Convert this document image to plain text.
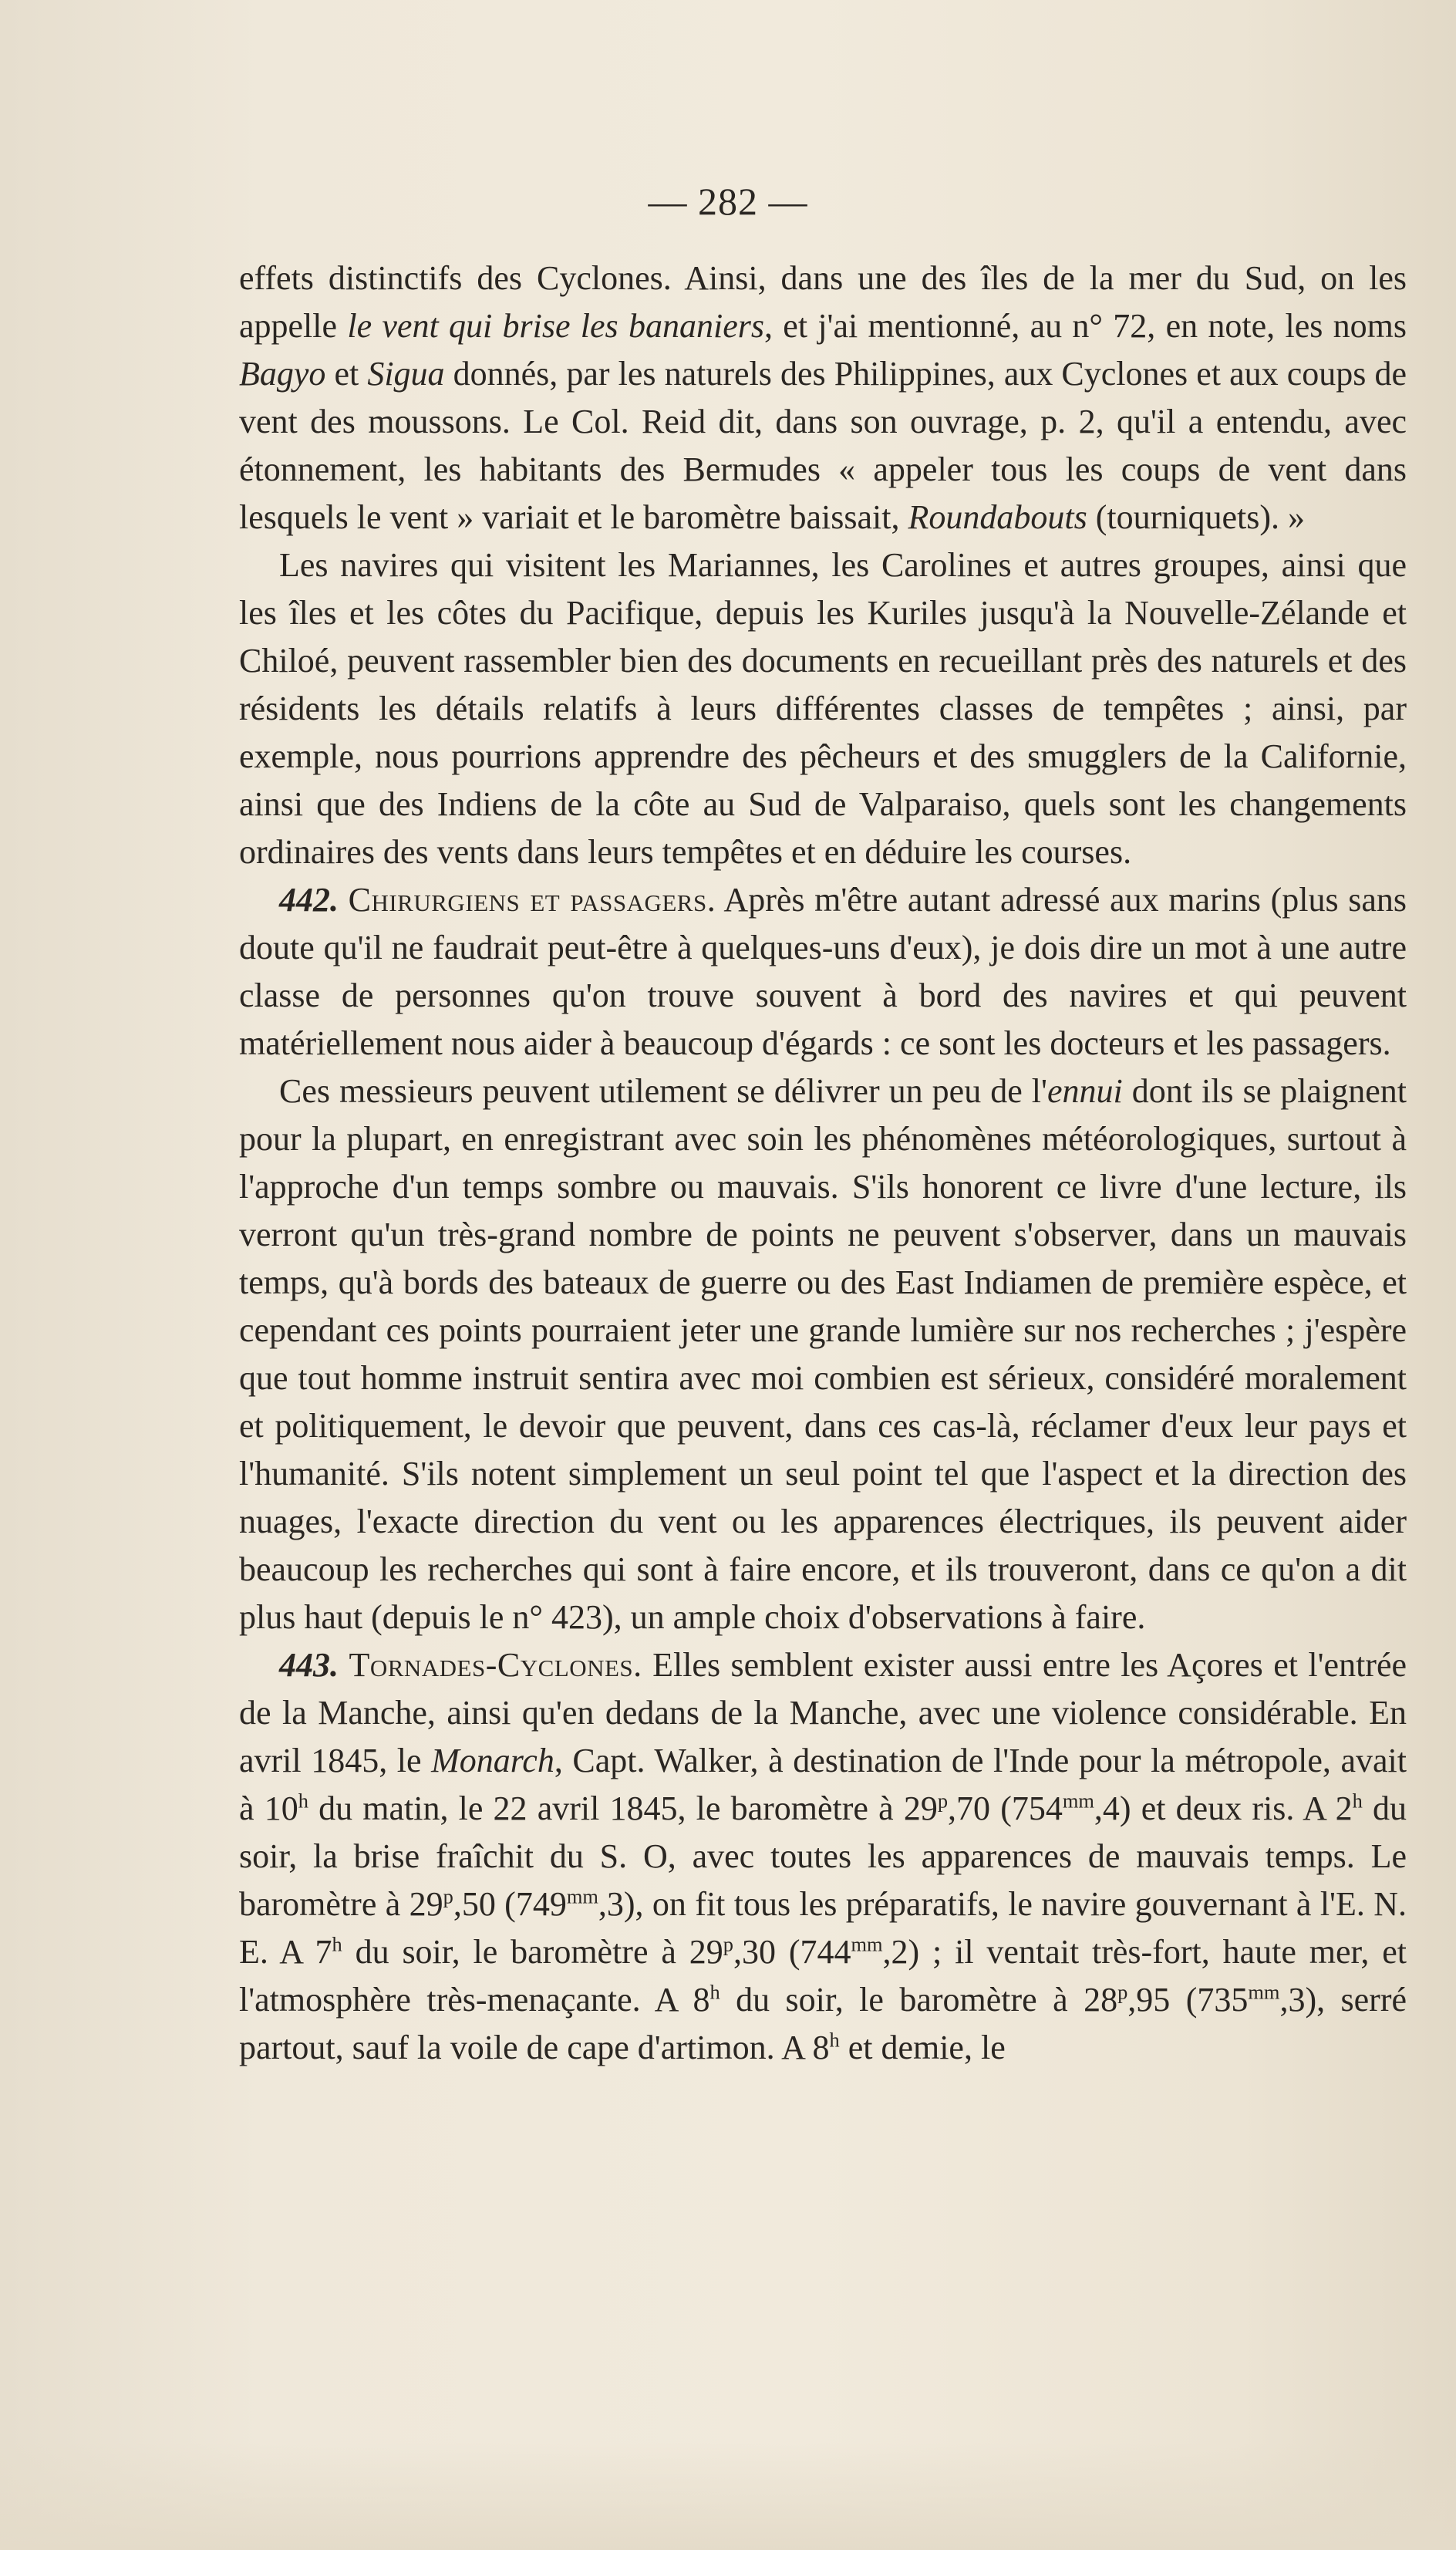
— 282 —

effets distinctifs des Cyclones. Ainsi, dans une des îles de la mer du Sud, on les appelle le vent qui brise les bananiers, et j'ai mentionné, au n° 72, en note, les noms Bagyo et Sigua donnés, par les naturels des Philippines, aux Cyclones et aux coups de vent des moussons. Le Col. Reid dit, dans son ouvrage, p. 2, qu'il a entendu, avec étonnement, les habitants des Bermudes « appeler tous les coups de vent dans lesquels le vent » variait et le baromètre baissait, Roundabouts (tourniquets). »

Les navires qui visitent les Mariannes, les Carolines et autres groupes, ainsi que les îles et les côtes du Pacifique, depuis les Kuriles jusqu'à la Nouvelle-Zélande et Chiloé, peuvent rassembler bien des documents en recueillant près des naturels et des résidents les détails relatifs à leurs différentes classes de tempêtes ; ainsi, par exemple, nous pourrions apprendre des pêcheurs et des smugglers de la Californie, ainsi que des Indiens de la côte au Sud de Valparaiso, quels sont les changements ordinaires des vents dans leurs tempêtes et en déduire les courses.

442. Chirurgiens et passagers. Après m'être autant adressé aux marins (plus sans doute qu'il ne faudrait peut-être à quelques-uns d'eux), je dois dire un mot à une autre classe de personnes qu'on trouve souvent à bord des navires et qui peuvent matériellement nous aider à beaucoup d'égards : ce sont les docteurs et les passagers.

Ces messieurs peuvent utilement se délivrer un peu de l'ennui dont ils se plaignent pour la plupart, en enregistrant avec soin les phénomènes météorologiques, surtout à l'approche d'un temps sombre ou mauvais. S'ils honorent ce livre d'une lecture, ils verront qu'un très-grand nombre de points ne peuvent s'observer, dans un mauvais temps, qu'à bords des bateaux de guerre ou des East Indiamen de première espèce, et cependant ces points pourraient jeter une grande lumière sur nos recherches ; j'espère que tout homme instruit sentira avec moi combien est sérieux, considéré moralement et politiquement, le devoir que peuvent, dans ces cas-là, réclamer d'eux leur pays et l'humanité. S'ils notent simplement un seul point tel que l'aspect et la direction des nuages, l'exacte direction du vent ou les apparences électriques, ils peuvent aider beaucoup les recherches qui sont à faire encore, et ils trouveront, dans ce qu'on a dit plus haut (depuis le n° 423), un ample choix d'observations à faire.

443. Tornades-Cyclones. Elles semblent exister aussi entre les Açores et l'entrée de la Manche, ainsi qu'en dedans de la Manche, avec une violence considérable. En avril 1845, le Monarch, Capt. Walker, à destination de l'Inde pour la métropole, avait à 10$^h$ du matin, le 22 avril 1845, le baromètre à 29$^p$,70 $(754^{mm},4)$ et deux ris. A 2$^h$ du soir, la brise fraîchit du S. O, avec toutes les apparences de mauvais temps. Le baromètre à 29$^p$,50 $(749^{mm},3)$, on fit tous les préparatifs, le navire gouvernant à l'E. N. E. A 7$^h$ du soir, le baromètre à 29$^p$,30 $(744^{mm},2)$ ; il ventait très-fort, haute mer, et l'atmosphère très-menaçante. A 8$^h$ du soir, le baromètre à 28$^p$,95 $(735^{mm},3)$, serré partout, sauf la voile de cape d'artimon. A 8$^h$ et demie, le
